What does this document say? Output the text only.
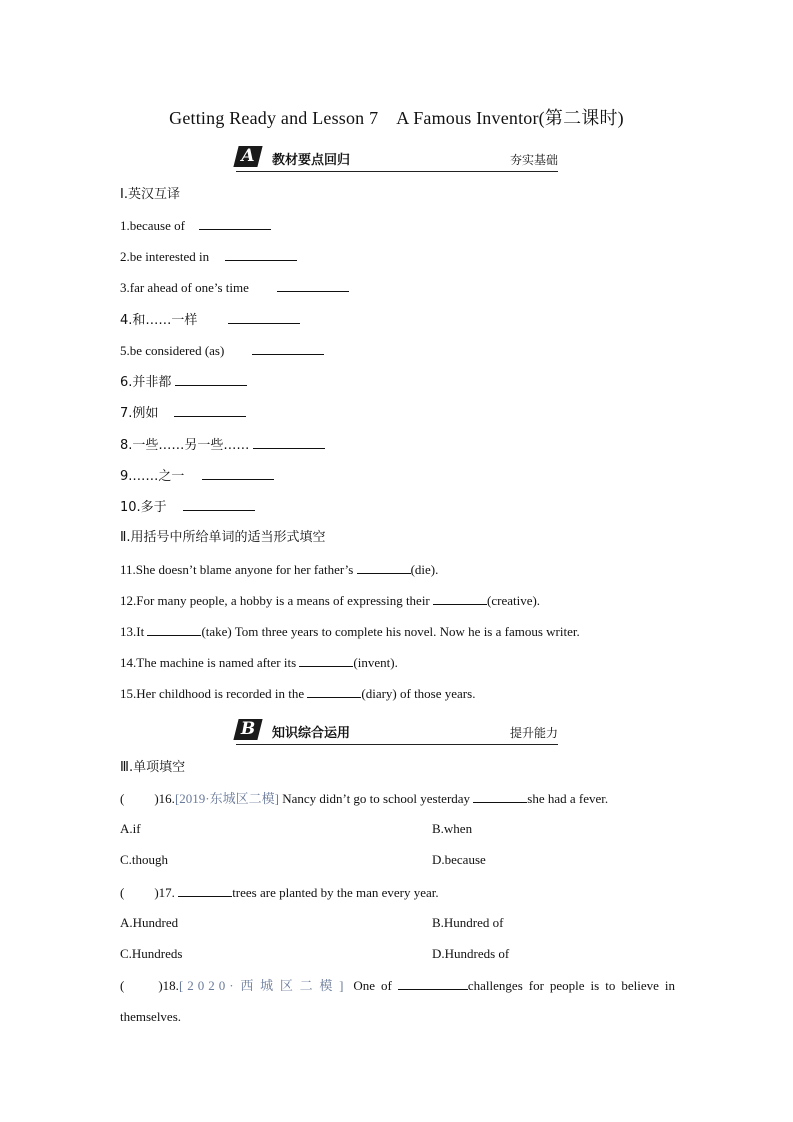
Getting Ready and Lesson 7 A Famous Inventor(第二课时)
A	教材要点回归	夯实基础
Ⅰ.英汉互译
1.because of
2.be interested in
3.far ahead of one’s time
4.和……一样
5.be considered (as)
6.并非都
7.例如
8.一些……另一些……
9.……之一
10.多于
Ⅱ.用括号中所给单词的适当形式填空
11.She doesn’t blame anyone for her father’s	(die).
12.For many people, a hobby is a means of expressing their	(creative).
13.It	(take) Tom three years to complete his novel. Now he is a famous writer.
14.The machine is named after its	(invent).
15.Her childhood is recorded in the	(diary) of those years.
B	知识综合运用	提升能力
Ⅲ.单项填空
( )16.[2019·东城区二模] Nancy didn’t go to school yesterday	she had a fever.
A.if	B.when
C.though	D.because
( )17.	trees are planted by the man every year.
A.Hundred	B.Hundred of
C.Hundreds	D.Hundreds of
(	)18.[2020·西城区二模] One of	challenges for people is to believe in themselves.
